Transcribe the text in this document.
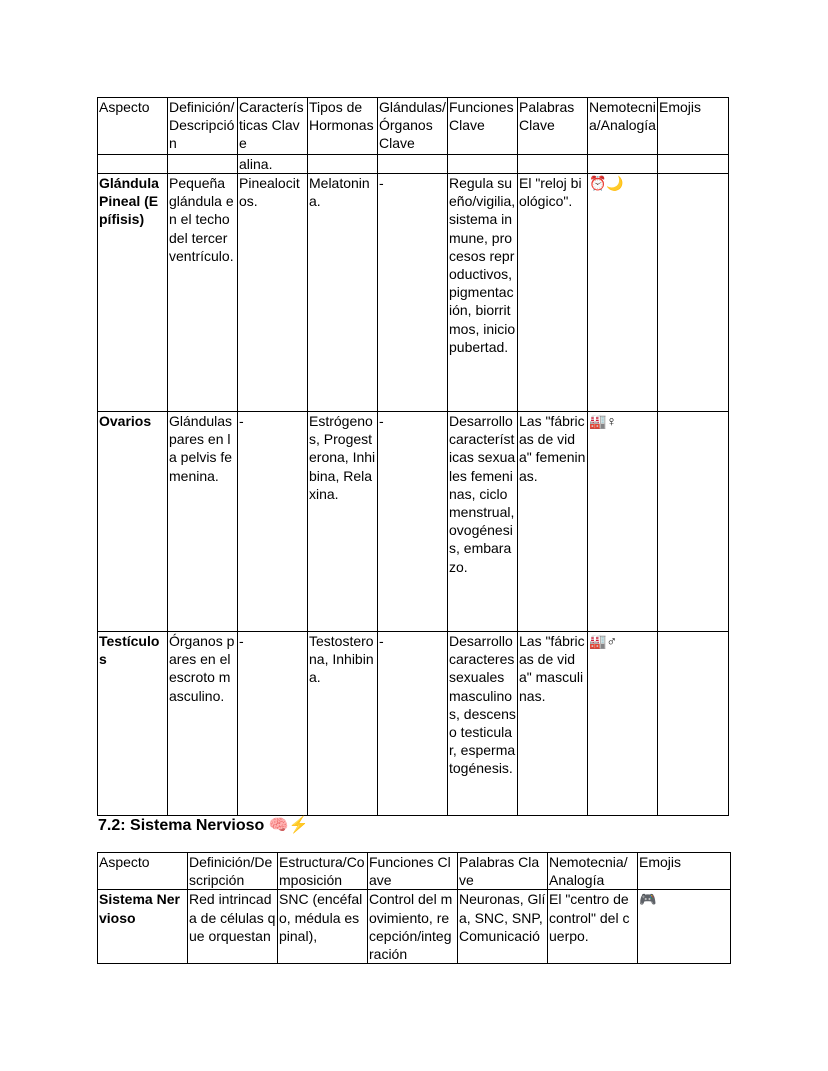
Aspecto	Definición/Descripción	Características Clave	Tipos de Hormonas	Glándulas/Órganos Clave	Funciones Clave	Palabras Clave	Nemotecnia/Analogía	Emojis
		alina.						
Glándula Pineal (Epífisis)	Pequeña glándula en el techo del tercer ventrículo.	Pinealocitos.	Melatonina.	-	Regula sueño/vigilia, sistema inmune, procesos reproductivos, pigmentación, biorritmos, inicio pubertad.	El "reloj biológico".	⏰🌙	
Ovarios	Glándulas pares en la pelvis femenina.	-	Estrógenos, Progesterona, Inhibina, Relaxina.	-	Desarrollo características sexuales femeninas, ciclo menstrual, ovogénesis, embarazo.	Las "fábricas de vida" femeninas.	🏭♀	
Testículos	Órganos pares en el escroto masculino.	-	Testosterona, Inhibina.	-	Desarrollo caracteres sexuales masculinos, descenso testicular, espermatogénesis.	Las "fábricas de vida" masculinas.	🏭♂	
7.2: Sistema Nervioso 🧠⚡
Aspecto	Definición/Descripción	Estructura/Composición	Funciones Clave	Palabras Clave	Nemotecnia/Analogía	Emojis
Sistema Nervioso	Red intrincada de células que orquestan	SNC (encéfalo, médula espinal),	Control del movimiento, recepción/integración	Neuronas, Glía, SNC, SNP, Comunicació	El "centro de control" del cuerpo.	🎮
